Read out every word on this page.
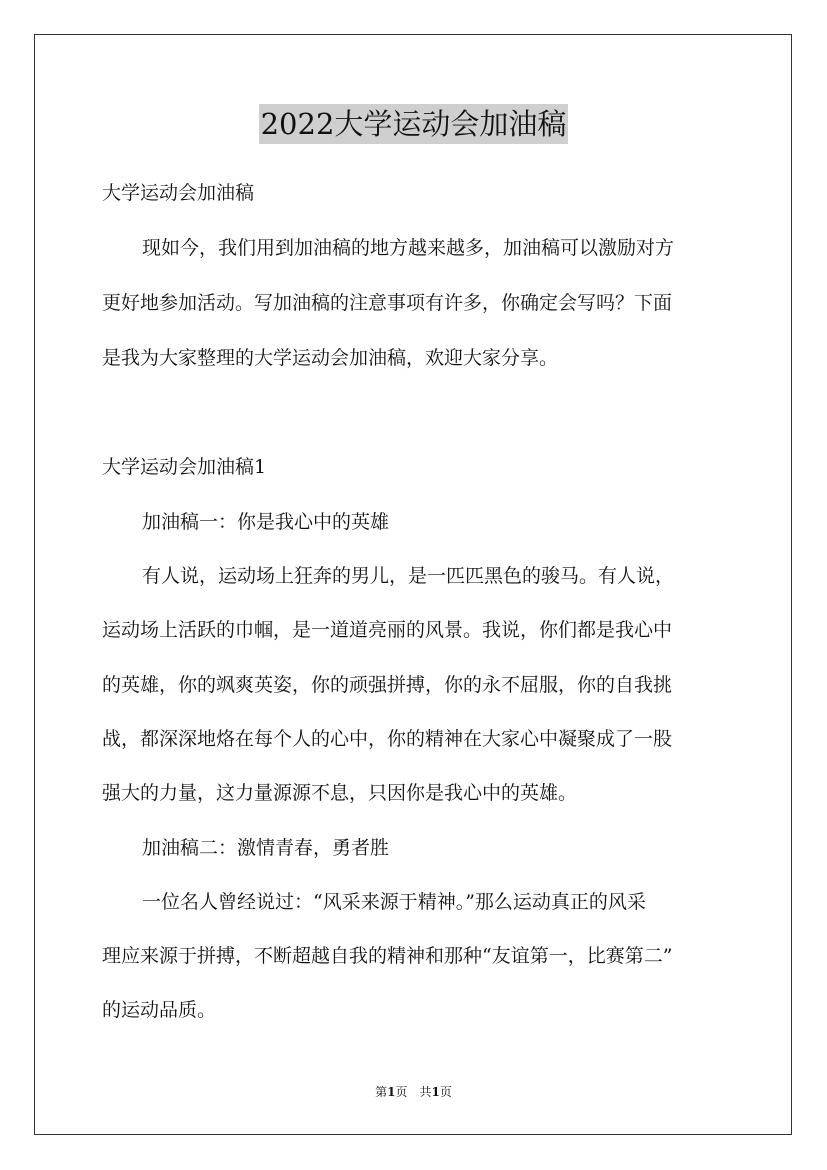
2022大学运动会加油稿
大学运动会加油稿
现如今，我们用到加油稿的地方越来越多，加油稿可以激励对方
更好地参加活动。写加油稿的注意事项有许多，你确定会写吗？下面
是我为大家整理的大学运动会加油稿，欢迎大家分享。
大学运动会加油稿1
加油稿一：你是我心中的英雄
有人说，运动场上狂奔的男儿，是一匹匹黑色的骏马。有人说，
运动场上活跃的巾帼，是一道道亮丽的风景。我说，你们都是我心中
的英雄，你的飒爽英姿，你的顽强拼搏，你的永不屈服，你的自我挑
战，都深深地烙在每个人的心中，你的精神在大家心中凝聚成了一股
强大的力量，这力量源源不息，只因你是我心中的英雄。
加油稿二：激情青春，勇者胜
一位名人曾经说过：“风采来源于精神。”那么运动真正的风采
理应来源于拼搏，不断超越自我的精神和那种“友谊第一，比赛第二”
的运动品质。
第1页　共1页
